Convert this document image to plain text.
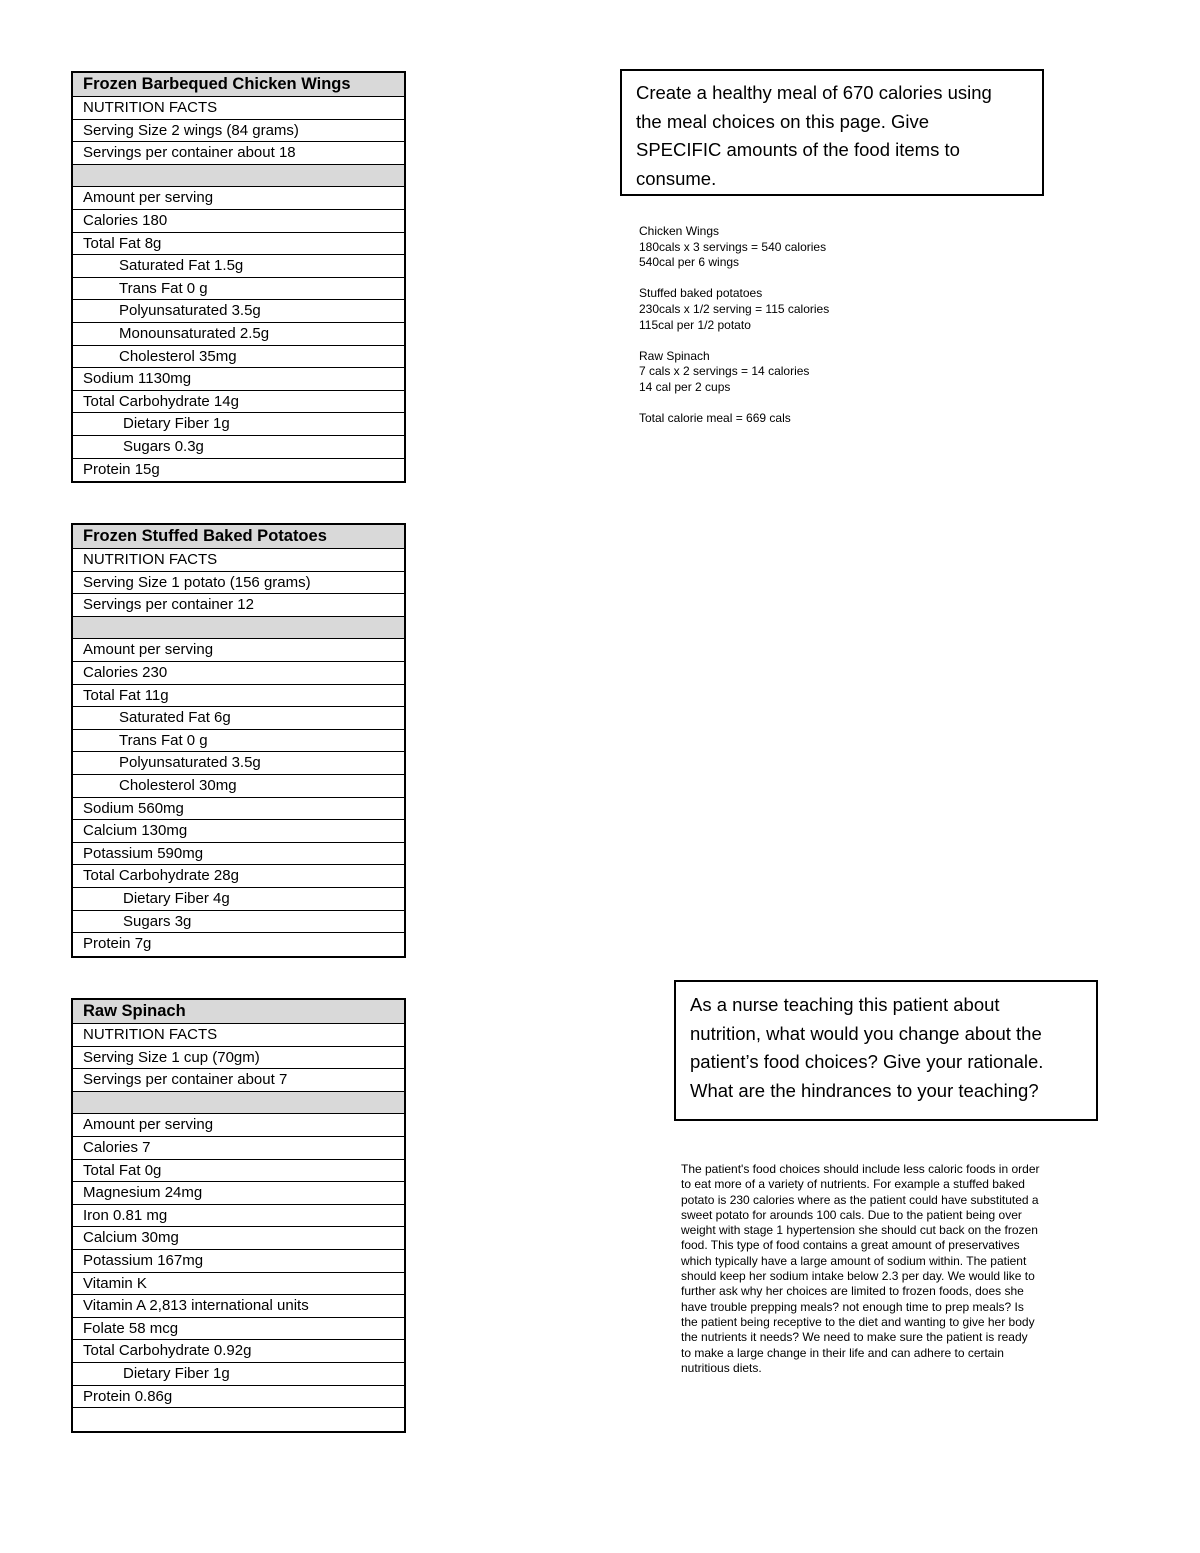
Frozen Barbequed Chicken Wings
NUTRITION FACTS
Serving Size 2 wings (84 grams)
Servings per container about 18
Amount per serving
Calories 180
Total Fat 8g
Saturated Fat 1.5g
Trans Fat 0 g
Polyunsaturated 3.5g
Monounsaturated 2.5g
Cholesterol 35mg
Sodium 1130mg
Total Carbohydrate 14g
Dietary Fiber 1g
Sugars 0.3g
Protein 15g
Frozen Stuffed Baked Potatoes
NUTRITION FACTS
Serving Size 1 potato (156 grams)
Servings per container 12
Amount per serving
Calories 230
Total Fat 11g
Saturated Fat 6g
Trans Fat 0 g
Polyunsaturated 3.5g
Cholesterol 30mg
Sodium 560mg
Calcium 130mg
Potassium 590mg
Total Carbohydrate 28g
Dietary Fiber 4g
Sugars 3g
Protein 7g
Raw Spinach
NUTRITION FACTS
Serving Size 1 cup (70gm)
Servings per container about 7
Amount per serving
Calories 7
Total Fat 0g
Magnesium 24mg
Iron 0.81 mg
Calcium 30mg
Potassium 167mg
Vitamin K
Vitamin A 2,813 international units
Folate 58 mcg
Total Carbohydrate 0.92g
Dietary Fiber 1g
Protein 0.86g
Create a healthy meal of 670 calories using
the meal choices on this page. Give
SPECIFIC amounts of the food items to
consume.
Chicken Wings
180cals x 3 servings = 540 calories
540cal per 6 wings
Stuffed baked potatoes
230cals x 1/2 serving = 115 calories
115cal per 1/2 potato
Raw Spinach
7 cals x 2 servings = 14 calories
14 cal per 2 cups
Total calorie meal = 669 cals
As a nurse teaching this patient about
nutrition, what would you change about the
patient’s food choices? Give your rationale.
What are the hindrances to your teaching?
The patient's food choices should include less caloric foods in order
to eat more of a variety of nutrients. For example a stuffed baked
potato is 230 calories where as the patient could have substituted a
sweet potato for arounds 100 cals. Due to the patient being over
weight with stage 1 hypertension she should cut back on the frozen
food. This type of food contains a great amount of preservatives
which typically have a large amount of sodium within. The patient
should keep her sodium intake below 2.3 per day. We would like to
further ask why her choices are limited to frozen foods, does she
have trouble prepping meals? not enough time to prep meals? Is
the patient being receptive to the diet and wanting to give her body
the nutrients it needs? We need to make sure the patient is ready
to make a large change in their life and can adhere to certain
nutritious diets.
